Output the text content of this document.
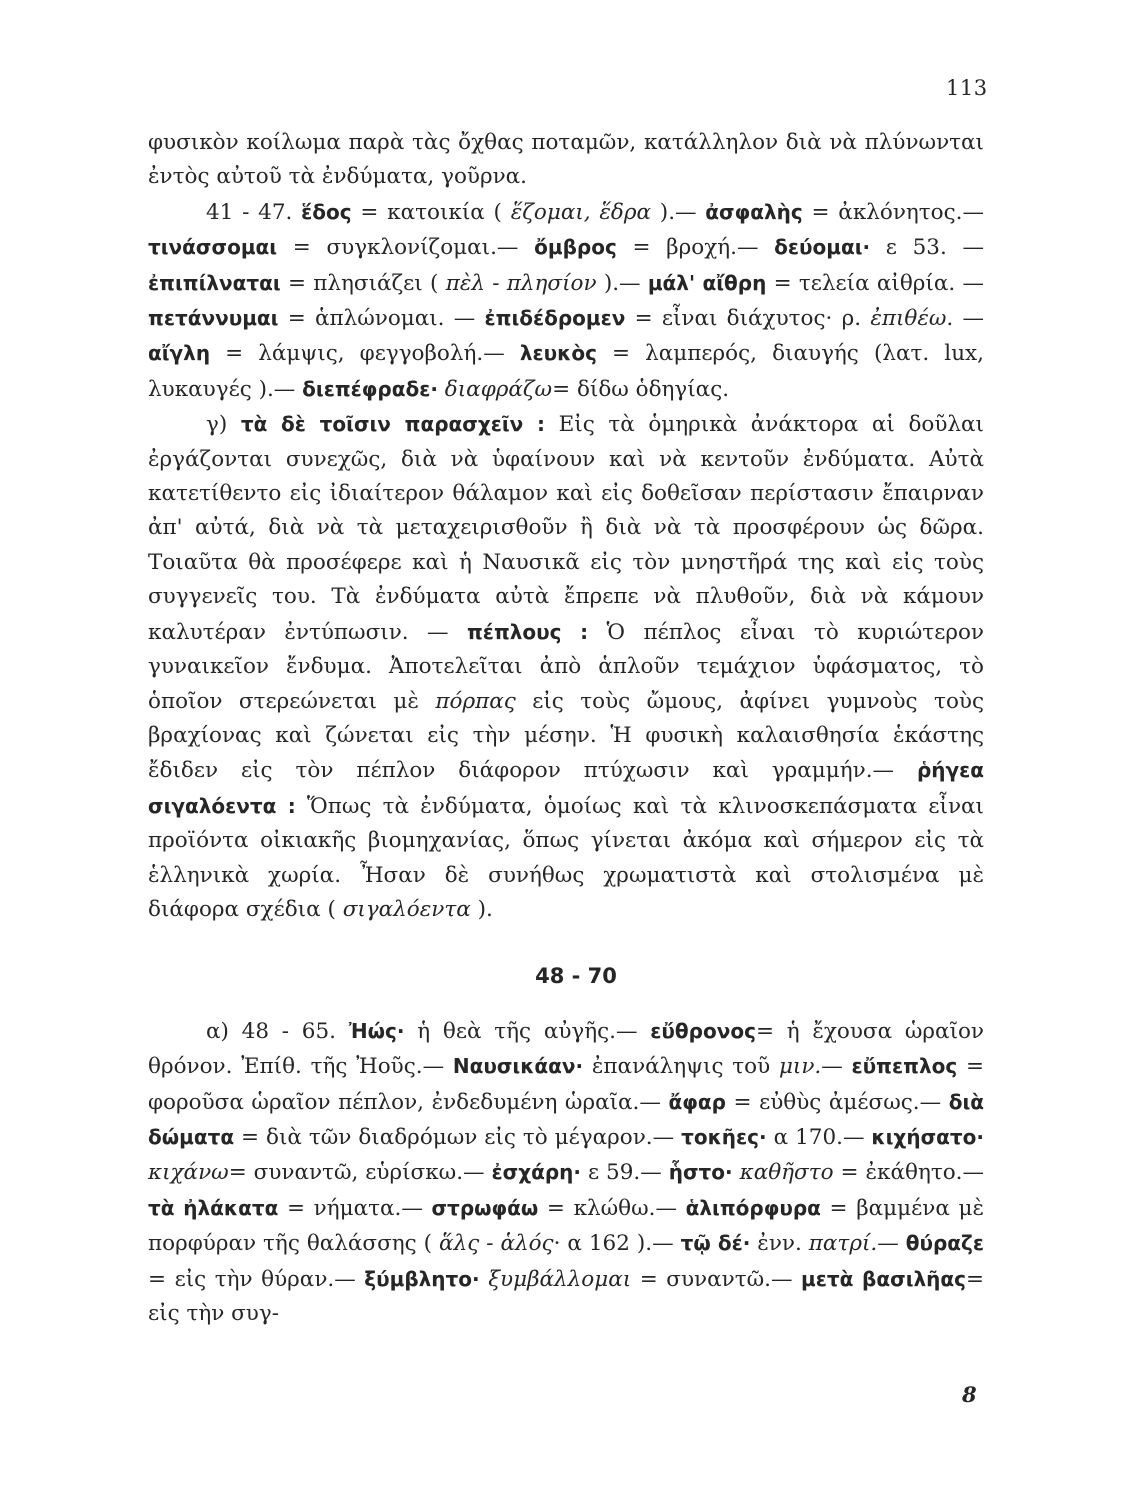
113

φυσικὸν κοίλωμα παρὰ τὰς ὄχθας ποταμῶν, κατάλληλον διὰ νὰ πλύνωνται ἐντὸς αὐτοῦ τὰ ἐνδύματα, γοῦρνα.

41 - 47. ἕδος = κατοικία ( ἕζομαι, ἕδρα ).— ἀσφαλὴς = ἀκλόνητος.— τινάσσομαι = συγκλονίζομαι.— ὄμβρος = βροχή.— δεύομαι· ε 53. — ἐπιπίλναται = πλησιάζει ( πὲλ - πλησίον ).— μάλ' αἴθρη = τελεία αἰθρία. — πετάννυμαι = ἁπλώνομαι. — ἐπιδέδρομεν = εἶναι διάχυτος· ρ. ἐπιθέω. — αἴγλη = λάμψις, φεγγοβολή.— λευκὸς = λαμπερός, διαυγής (λατ. lux, λυκαυγές ).— διεπέφραδε· διαφράζω= δίδω ὁδηγίας.

γ) τὰ δὲ τοῖσιν παρασχεῖν : Εἰς τὰ ὁμηρικὰ ἀνάκτορα αἱ δοῦλαι ἐργάζονται συνεχῶς, διὰ νὰ ὑφαίνουν καὶ νὰ κεντοῦν ἐνδύματα. Αὐτὰ κατετίθεντο εἰς ἰδιαίτερον θάλαμον καὶ εἰς δοθεῖσαν περίστασιν ἔπαιρναν ἀπ' αὐτά, διὰ νὰ τὰ μεταχειρισθοῦν ἢ διὰ νὰ τὰ προσφέρουν ὡς δῶρα. Τοιαῦτα θὰ προσέφερε καὶ ἡ Ναυσικᾶ εἰς τὸν μνηστῆρά της καὶ εἰς τοὺς συγγενεῖς του. Τὰ ἐνδύματα αὐτὰ ἔπρεπε νὰ πλυθοῦν, διὰ νὰ κάμουν καλυτέραν ἐντύπωσιν. — πέπλους : Ὁ πέπλος εἶναι τὸ κυριώτερον γυναικεῖον ἔνδυμα. Ἀποτελεῖται ἀπὸ ἁπλοῦν τεμάχιον ὑφάσματος, τὸ ὁποῖον στερεώνεται μὲ πόρπας εἰς τοὺς ὤμους, ἀφίνει γυμνοὺς τοὺς βραχίονας καὶ ζώνεται εἰς τὴν μέσην. Ἡ φυσικὴ καλαισθησία ἑκάστης ἔδιδεν εἰς τὸν πέπλον διάφορον πτύχωσιν καὶ γραμμήν.— ῥήγεα σιγαλόεντα : Ὅπως τὰ ἐνδύματα, ὁμοίως καὶ τὰ κλινοσκεπάσματα εἶναι προϊόντα οἰκιακῆς βιομηχανίας, ὅπως γίνεται ἀκόμα καὶ σήμερον εἰς τὰ ἑλληνικὰ χωρία. Ἦσαν δὲ συνήθως χρωματιστὰ καὶ στολισμένα μὲ διάφορα σχέδια ( σιγαλόεντα ).

48 - 70

α) 48 - 65. Ἠώς· ἡ θεὰ τῆς αὐγῆς.— εὔθρονος= ἡ ἔχουσα ὡραῖον θρόνον. Ἐπίθ. τῆς Ἠοῦς.— Ναυσικάαν· ἐπανάληψις τοῦ μιν.— εὔπεπλος = φοροῦσα ὡραῖον πέπλον, ἐνδεδυμένη ὡραῖα.— ἄφαρ = εὐθὺς ἀμέσως.— διὰ δώματα = διὰ τῶν διαδρόμων εἰς τὸ μέγαρον.— τοκῆες· α 170.— κιχήσατο· κιχάνω= συναντῶ, εὑρίσκω.— ἐσχάρη· ε 59.— ἧστο· καθῆστο = ἐκάθητο.— τὰ ἠλάκατα = νήματα.— στρωφάω = κλώθω.— ἁλιπόρφυρα = βαμμένα μὲ πορφύραν τῆς θαλάσσης ( ἅλς - ἁλός· α 162 ).— τῷ δέ· ἐνν. πατρί.— θύραζε = εἰς τὴν θύραν.— ξύμβλητο· ξυμβάλλομαι = συναντῶ.— μετὰ βασιλῆας= εἰς τὴν συγ-

8
